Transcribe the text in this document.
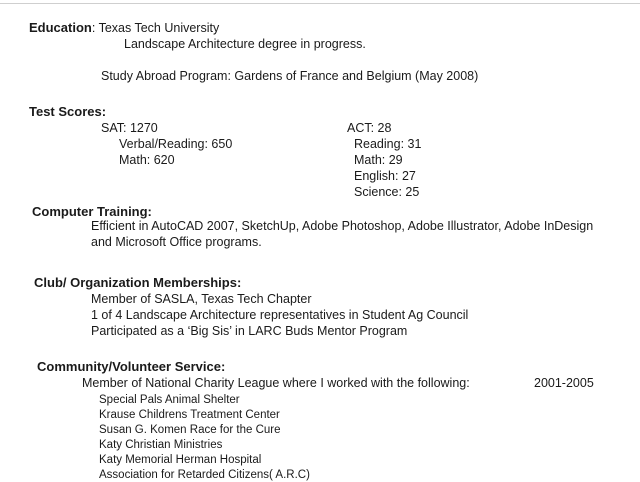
Education: Texas Tech University
Landscape Architecture degree in progress.
Study Abroad Program: Gardens of France and Belgium (May 2008)
Test Scores:
SAT: 1270
Verbal/Reading: 650
Math: 620
ACT: 28
Reading: 31
Math: 29
English: 27
Science: 25
Computer Training:
Efficient in AutoCAD 2007, SketchUp, Adobe Photoshop, Adobe Illustrator, Adobe InDesign
and Microsoft Office programs.
Club/ Organization Memberships:
Member of SASLA, Texas Tech Chapter
1 of 4 Landscape Architecture representatives in Student Ag Council
Participated as a ‘Big Sis’ in LARC Buds Mentor Program
Community/Volunteer Service:
Member of National Charity League where I worked with the following:	2001-2005
Special Pals Animal Shelter
Krause Childrens Treatment Center
Susan G. Komen Race for the Cure
Katy Christian Ministries
Katy Memorial Herman Hospital
Association for Retarded Citizens( A.R.C)
